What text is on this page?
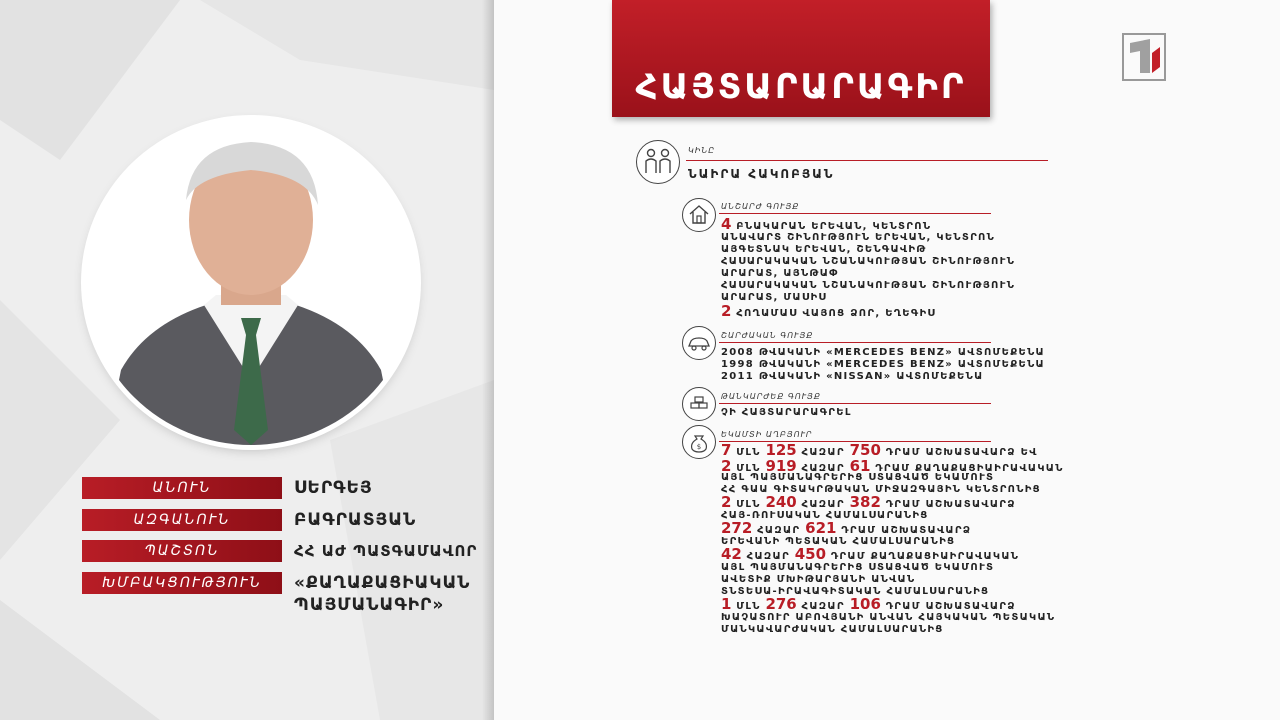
ԱՆՈՒՆ	ՍԵՐԳԵՅ
ԱԶԳԱՆՈՒՆ	ԲԱԳՐԱՏՅԱՆ
ՊԱՇՏՈՆ	ՀՀ ԱԺ ՊԱՏԳԱՄԱՎՈՐ
ԽՄԲԱԿՑՈՒԹՅՈՒՆ	«ՔԱՂԱՔԱՑԻԱԿԱՆ
ՊԱՅՄԱՆԱԳԻՐ»
ՀԱՅՏԱՐԱՐԱԳԻՐ
ԿԻՆԸ
ՆԱԻՐԱ ՀԱԿՈԲՅԱՆ
ԱՆՇԱՐԺ ԳՈՒՅՔ
4 ԲՆԱԿԱՐԱՆ ԵՐԵՎԱՆ, ԿԵՆՏՐՈՆ
ԱՆԱՎԱՐՏ ՇԻՆՈՒԹՅՈՒՆ ԵՐԵՎԱՆ, ԿԵՆՏՐՈՆ
ԱՅԳԵՏՆԱԿ ԵՐԵՎԱՆ, ՇԵՆԳԱՎԻԹ
ՀԱՍԱՐԱԿԱԿԱՆ ՆՇԱՆԱԿՈՒԹՅԱՆ ՇԻՆՈՒԹՅՈՒՆ
ԱՐԱՐԱՏ, ԱՅՆԹԱՓ
ՀԱՍԱՐԱԿԱԿԱՆ ՆՇԱՆԱԿՈՒԹՅԱՆ ՇԻՆՈՒԹՅՈՒՆ
ԱՐԱՐԱՏ, ՄԱՍԻՍ
2 ՀՈՂԱՄԱՍ ՎԱՅՈՑ ՁՈՐ, ԵՂԵԳԻՍ
ՇԱՐԺԱԿԱՆ ԳՈՒՅՔ
2008 ԹՎԱԿԱՆԻ «MERCEDES BENZ» ԱՎՏՈՄԵՔԵՆԱ
1998 ԹՎԱԿԱՆԻ «MERCEDES BENZ» ԱՎՏՈՄԵՔԵՆԱ
2011 ԹՎԱԿԱՆԻ «NISSAN» ԱՎՏՈՄԵՔԵՆԱ
ԹԱՆԿԱՐԺԵՔ ԳՈՒՅՔ
ՉԻ ՀԱՅՏԱՐԱՐԱԳՐԵԼ
$
ԵԿԱՄՏԻ ԱՂԲՅՈՒՐ
7 ՄԼՆ 125 ՀԱԶԱՐ 750 ԴՐԱՄ ԱՇԽԱՏԱՎԱՐՁ ԵՎ
2 ՄԼՆ 919 ՀԱԶԱՐ 61 ԴՐԱՄ ՔԱՂԱՔԱՑԻԱԻՐԱՎԱԿԱՆ
ԱՅԼ ՊԱՅՄԱՆԱԳՐԵՐԻՑ ՍՏԱՑՎԱԾ ԵԿԱՄՈՒՏ
ՀՀ ԳԱԱ ԳԻՏԱԿՐԹԱԿԱՆ ՄԻՋԱԶԳԱՅԻՆ ԿԵՆՏՐՈՆԻՑ
2 ՄԼՆ 240 ՀԱԶԱՐ 382 ԴՐԱՄ ԱՇԽԱՏԱՎԱՐՁ
ՀԱՅ-ՌՈՒՍԱԿԱՆ ՀԱՄԱԼՍԱՐԱՆԻՑ
272 ՀԱԶԱՐ 621 ԴՐԱՄ ԱՇԽԱՏԱՎԱՐՁ
ԵՐԵՎԱՆԻ ՊԵՏԱԿԱՆ ՀԱՄԱԼՍԱՐԱՆԻՑ
42 ՀԱԶԱՐ 450 ԴՐԱՄ ՔԱՂԱՔԱՑԻԱԻՐԱՎԱԿԱՆ
ԱՅԼ ՊԱՅՄԱՆԱԳՐԵՐԻՑ ՍՏԱՑՎԱԾ ԵԿԱՄՈՒՏ
ԱՎԵՏԻՔ ՄԽԻԹԱՐՅԱՆԻ ԱՆՎԱՆ
ՏՆՏԵՍԱ-ԻՐԱՎԱԳԻՏԱԿԱՆ ՀԱՄԱԼՍԱՐԱՆԻՑ
1 ՄԼՆ 276 ՀԱԶԱՐ 106 ԴՐԱՄ ԱՇԽԱՏԱՎԱՐՁ
ԽԱՉԱՏՈՒՐ ԱԲՈՎՅԱՆԻ ԱՆՎԱՆ ՀԱՅԿԱԿԱՆ ՊԵՏԱԿԱՆ
ՄԱՆԿԱՎԱՐԺԱԿԱՆ ՀԱՄԱԼՍԱՐԱՆԻՑ
